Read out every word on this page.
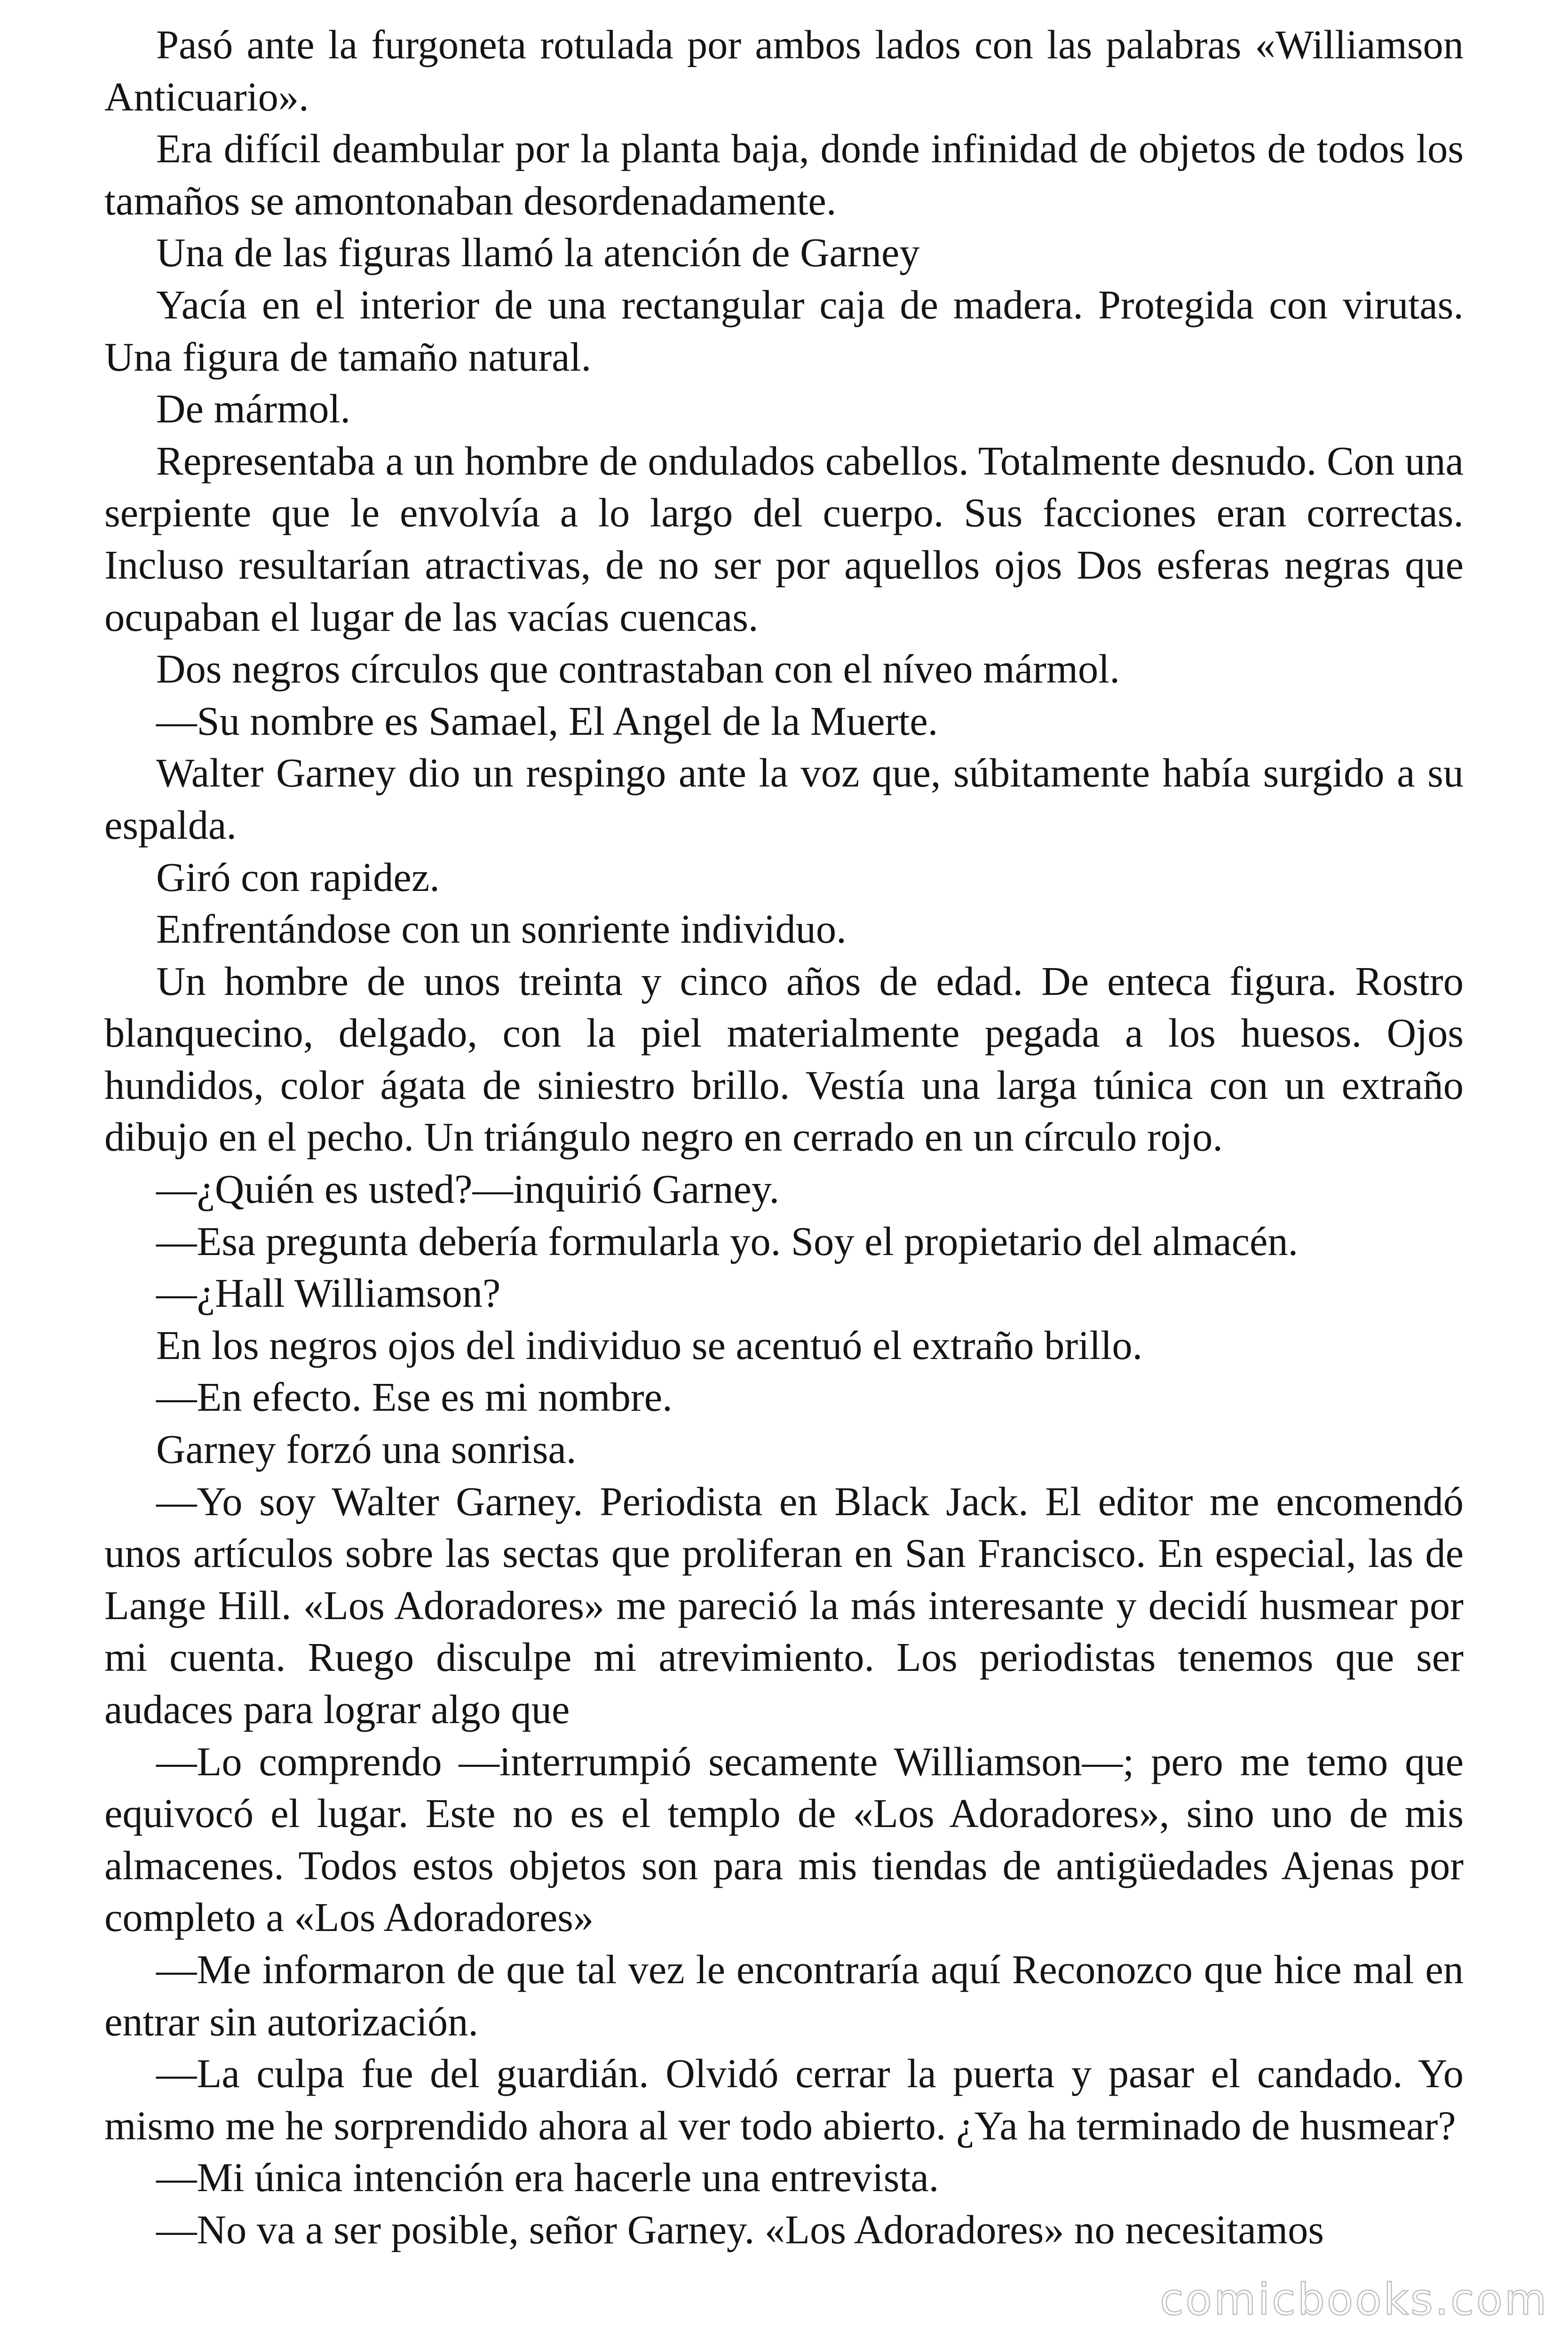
Pasó ante la furgoneta rotulada por ambos lados con las palabras «Williamson Anticuario».

Era difícil deambular por la planta baja, donde infinidad de objetos de todos los tamaños se amontonaban desordenadamente.

Una de las figuras llamó la atención de Garney

Yacía en el interior de una rectangular caja de madera. Protegida con virutas. Una figura de tamaño natural.

De mármol.

Representaba a un hombre de ondulados cabellos. Totalmente desnudo. Con una serpiente que le envolvía a lo largo del cuerpo. Sus facciones eran correctas. Incluso resultarían atractivas, de no ser por aquellos ojos Dos esferas negras que ocupaban el lugar de las vacías cuencas.

Dos negros círculos que contrastaban con el níveo mármol.

—Su nombre es Samael, El Angel de la Muerte.

Walter Garney dio un respingo ante la voz que, súbitamente había surgido a su espalda.

Giró con rapidez.

Enfrentándose con un sonriente individuo.

Un hombre de unos treinta y cinco años de edad. De enteca figura. Rostro blanquecino, delgado, con la piel materialmente pegada a los huesos. Ojos hundidos, color ágata de siniestro brillo. Vestía una larga túnica con un extraño dibujo en el pecho. Un triángulo negro en cerrado en un círculo rojo.

—¿Quién es usted?—inquirió Garney.

—Esa pregunta debería formularla yo. Soy el propietario del almacén.

—¿Hall Williamson?

En los negros ojos del individuo se acentuó el extraño brillo.

—En efecto. Ese es mi nombre.

Garney forzó una sonrisa.

—Yo soy Walter Garney. Periodista en Black Jack. El editor me encomendó unos artículos sobre las sectas que proliferan en San Francisco. En especial, las de Lange Hill. «Los Adoradores» me pareció la más interesante y decidí husmear por mi cuenta. Ruego disculpe mi atrevimiento. Los periodistas tenemos que ser audaces para lograr algo que

—Lo comprendo —interrumpió secamente Williamson—; pero me temo que equivocó el lugar. Este no es el templo de «Los Adoradores», sino uno de mis almacenes. Todos estos objetos son para mis tiendas de antigüedades Ajenas por completo a «Los Adoradores»

—Me informaron de que tal vez le encontraría aquí Reconozco que hice mal en entrar sin autorización.

—La culpa fue del guardián. Olvidó cerrar la puerta y pasar el candado. Yo mismo me he sorprendido ahora al ver todo abierto. ¿Ya ha terminado de husmear?

—Mi única intención era hacerle una entrevista.

—No va a ser posible, señor Garney. «Los Adoradores» no necesitamos

comicbooks.com
